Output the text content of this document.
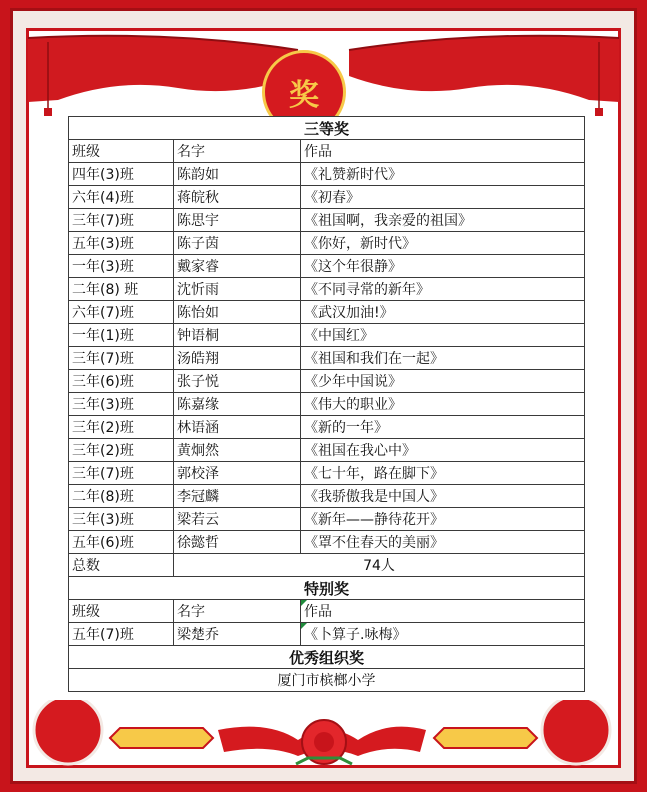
奖
三等奖		
班级	名字	作品
四年(3)班	陈韵如	《礼赞新时代》
六年(4)班	蒋皖秋	《初春》
三年(7)班	陈思宇	《祖国啊，我亲爱的祖国》
五年(3)班	陈子茵	《你好，新时代》
一年(3)班	戴家睿	《这个年很静》
二年(8) 班	沈忻雨	《不同寻常的新年》
六年(7)班	陈怡如	《武汉加油!》
一年(1)班	钟语桐	《中国红》
三年(7)班	汤皓翔	《祖国和我们在一起》
三年(6)班	张子悦	《少年中国说》
三年(3)班	陈嘉缘	《伟大的职业》
三年(2)班	林语涵	《新的一年》
三年(2)班	黄炯然	《祖国在我心中》
三年(7)班	郭校泽	《七十年，路在脚下》
二年(8)班	李冠麟	《我骄傲我是中国人》
三年(3)班	梁若云	《新年——静待花开》
五年(6)班	徐懿哲	《罩不住春天的美丽》
总数	74人	
特别奖		
班级	名字	作品
五年(7)班	梁楚乔	《卜算子.咏梅》
优秀组织奖		
厦门市槟榔小学		
